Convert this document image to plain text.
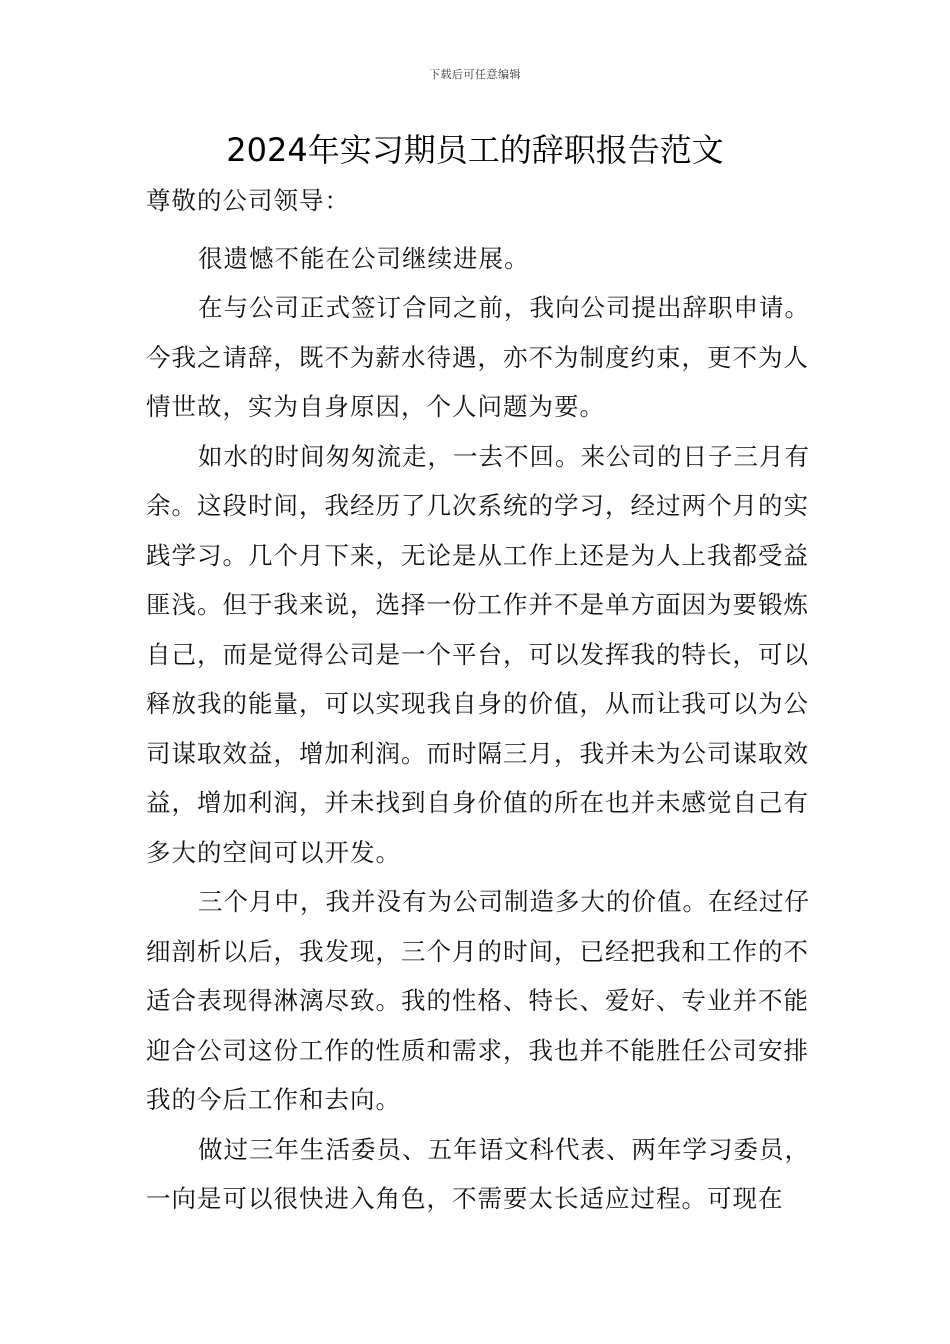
下载后可任意编辑
2024年实习期员工的辞职报告范文

尊敬的公司领导：

很遗憾不能在公司继续进展。

在与公司正式签订合同之前，我向公司提出辞职申请。今我之请辞，既不为薪水待遇，亦不为制度约束，更不为人情世故，实为自身原因，个人问题为要。

如水的时间匆匆流走，一去不回。来公司的日子三月有余。这段时间，我经历了几次系统的学习，经过两个月的实践学习。几个月下来，无论是从工作上还是为人上我都受益匪浅。但于我来说，选择一份工作并不是单方面因为要锻炼自己，而是觉得公司是一个平台，可以发挥我的特长，可以释放我的能量，可以实现我自身的价值，从而让我可以为公司谋取效益，增加利润。而时隔三月，我并未为公司谋取效益，增加利润，并未找到自身价值的所在也并未感觉自己有多大的空间可以开发。

三个月中，我并没有为公司制造多大的价值。在经过仔细剖析以后，我发现，三个月的时间，已经把我和工作的不适合表现得淋漓尽致。我的性格、特长、爱好、专业并不能迎合公司这份工作的性质和需求，我也并不能胜任公司安排我的今后工作和去向。

做过三年生活委员、五年语文科代表、两年学习委员，一向是可以很快进入角色，不需要太长适应过程。可现在
